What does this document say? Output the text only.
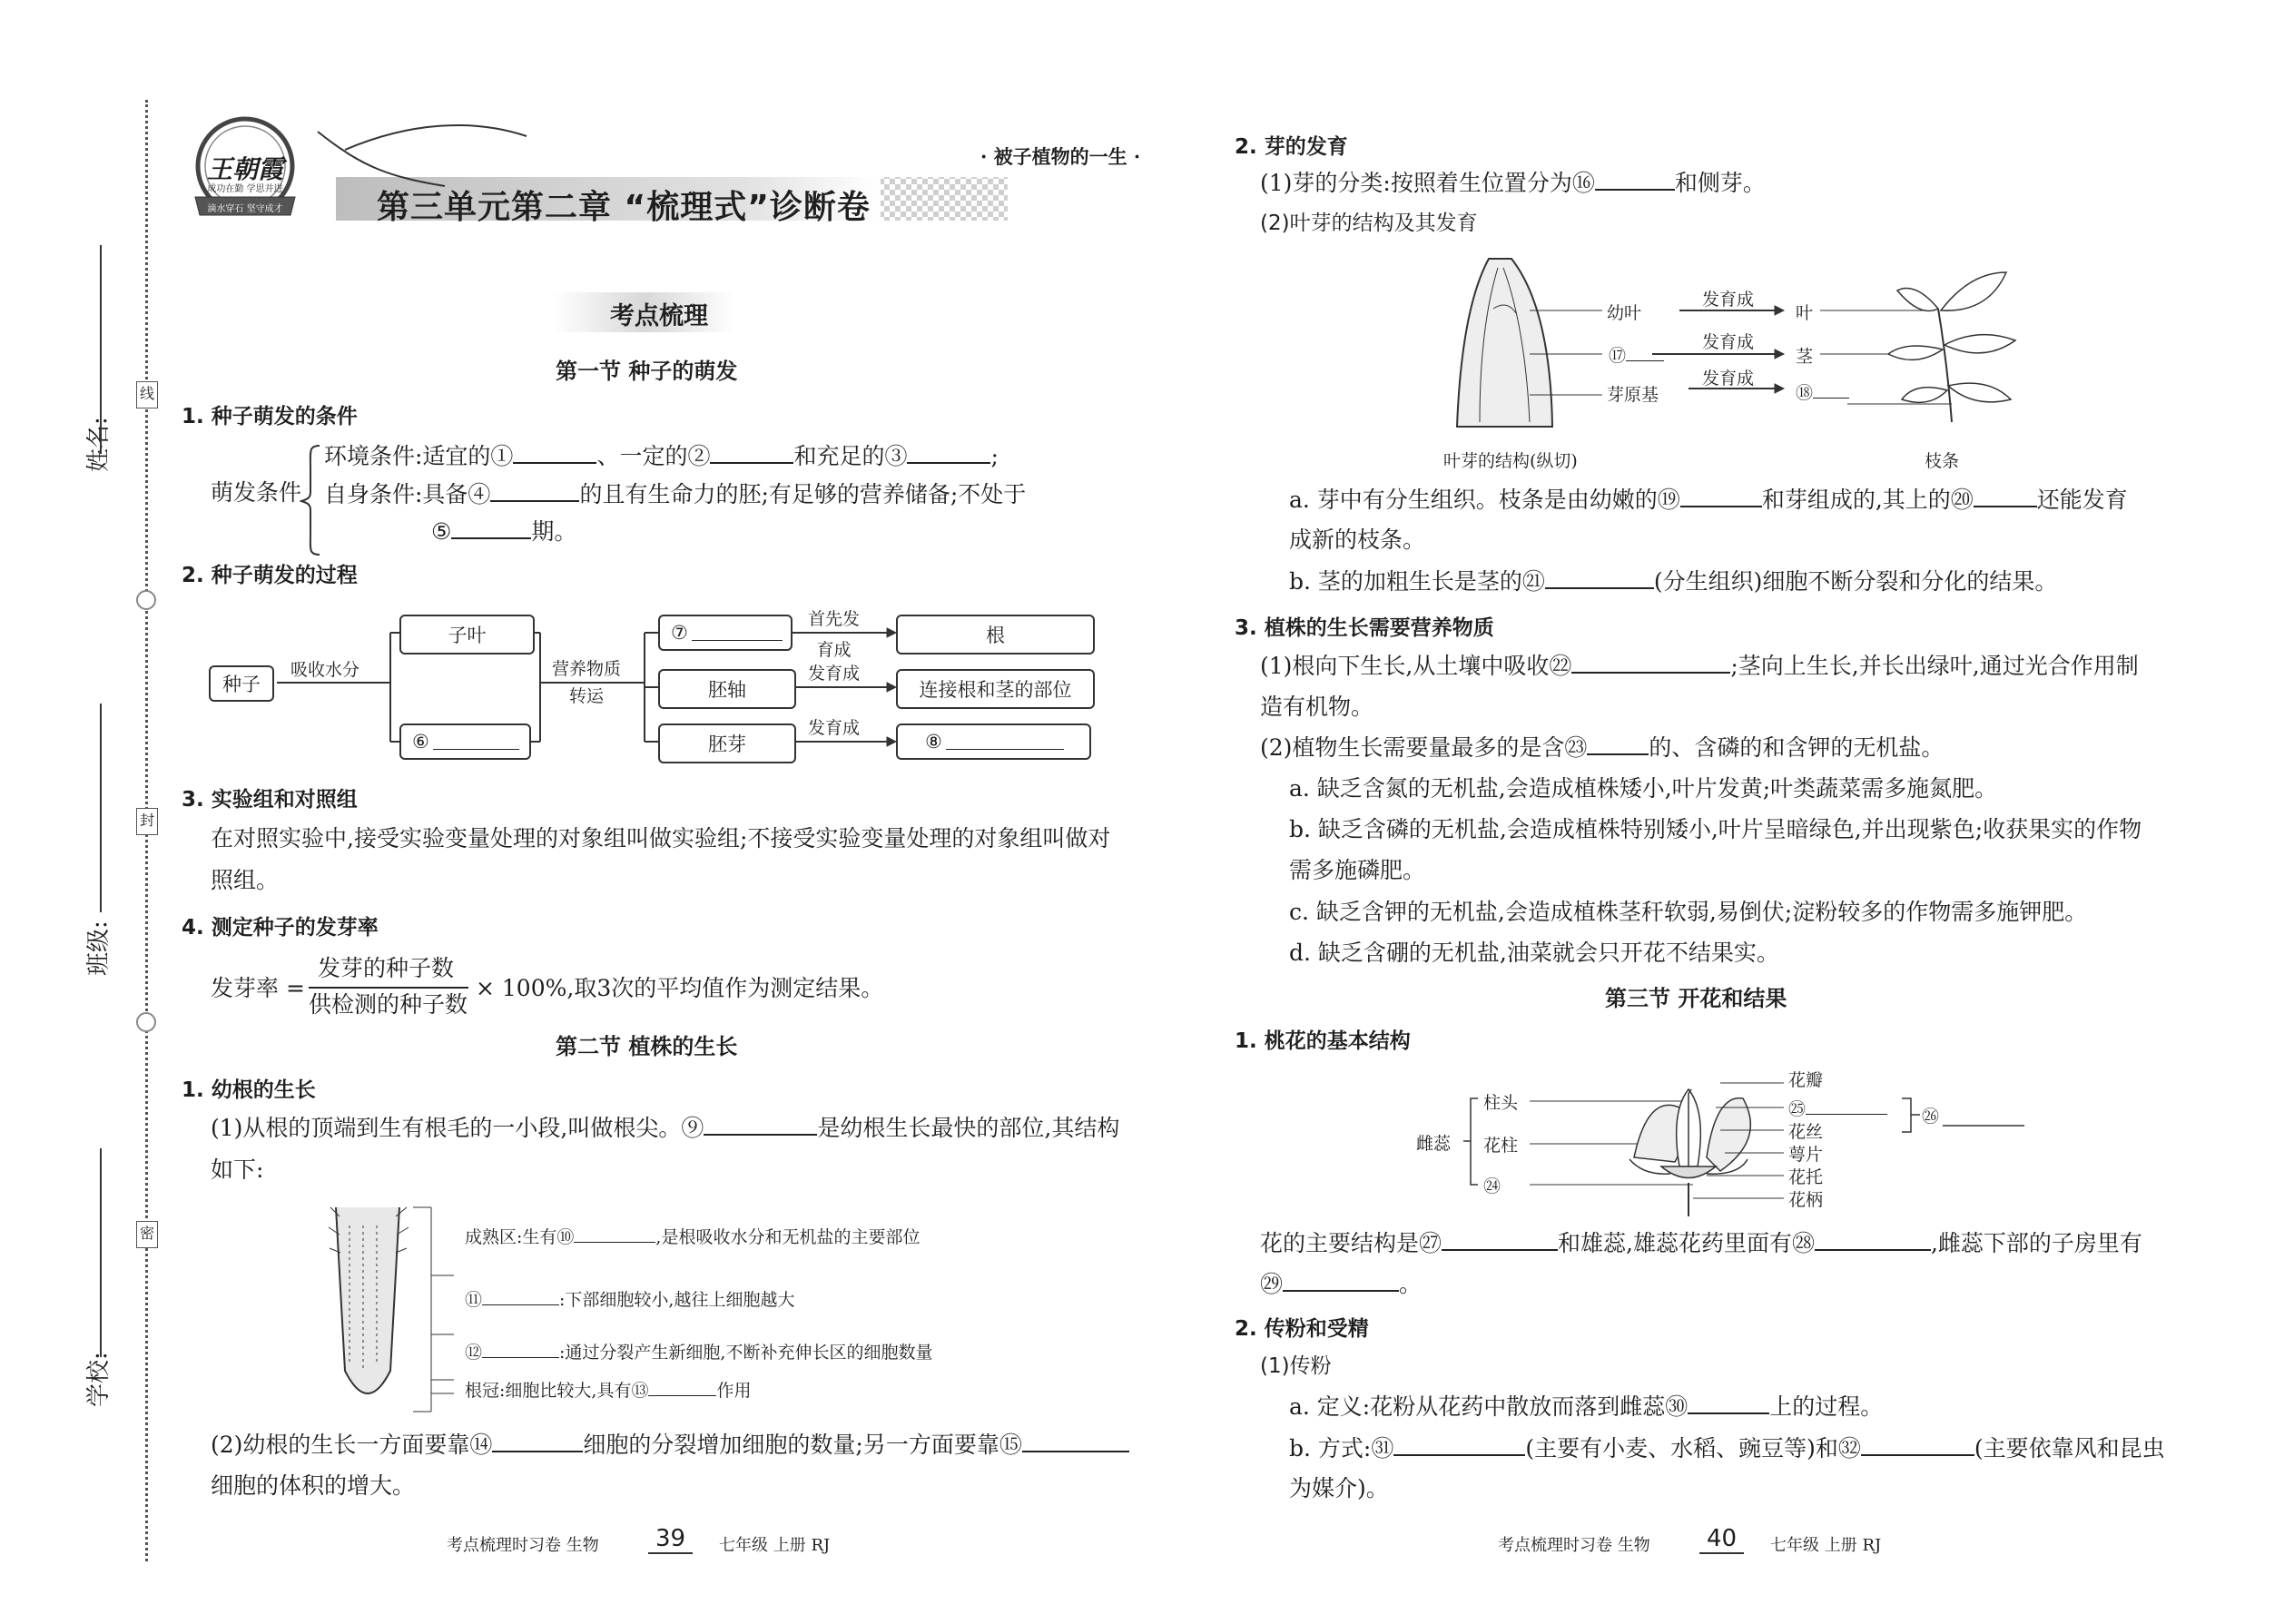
姓名:
班级:
学校:
线
封
密
王朝霞
成功在勤 学思并进
滴水穿石 坚守成才	第三单元第二章 “梳理式”诊断卷
· 被子植物的一生 ·
考点梳理
第一节 种子的萌发
1. 种子萌发的条件
萌发条件
环境条件:适宜的①	、一定的②	和充足的③	;
自身条件:具备④	的且有生命力的胚;有足够的营养储备;不处于
⑤	期。
2. 种子萌发的过程
种子
吸收水分
子叶
⑥
营养物质
转运
⑦
胚轴
胚芽
首先发
育成
发育成
发育成
根
连接根和茎的部位
⑧
3. 实验组和对照组
在对照实验中,接受实验变量处理的对象组叫做实验组;不接受实验变量处理的对象组叫做对
照组。
4. 测定种子的发芽率
发芽率 =
发芽的种子数
供检测的种子数
× 100%,取3次的平均值作为测定结果。
第二节 植株的生长
1. 幼根的生长
(1)从根的顶端到生有根毛的一小段,叫做根尖。⑨	是幼根生长最快的部位,其结构
如下:
成熟区:生有⑩	,是根吸收水分和无机盐的主要部位
⑪	:下部细胞较小,越往上细胞越大
⑫	:通过分裂产生新细胞,不断补充伸长区的细胞数量
根冠:细胞比较大,具有⑬	作用
(2)幼根的生长一方面要靠⑭	细胞的分裂增加细胞的数量;另一方面要靠⑮
细胞的体积的增大。
考点梳理时习卷 生物	39	七年级 上册 RJ
2. 芽的发育
(1)芽的分类:按照着生位置分为⑯	和侧芽。
(2)叶芽的结构及其发育
幼叶
⑰
芽原基
发育成
发育成
发育成
叶
茎
⑱
叶芽的结构(纵切)	枝条
a. 芽中有分生组织。枝条是由幼嫩的⑲	和芽组成的,其上的⑳	还能发育
成新的枝条。
b. 茎的加粗生长是茎的㉑	(分生组织)细胞不断分裂和分化的结果。
3. 植株的生长需要营养物质
(1)根向下生长,从土壤中吸收㉒	;茎向上生长,并长出绿叶,通过光合作用制
造有机物。
(2)植物生长需要量最多的是含㉓	的、含磷的和含钾的无机盐。
a. 缺乏含氮的无机盐,会造成植株矮小,叶片发黄;叶类蔬菜需多施氮肥。
b. 缺乏含磷的无机盐,会造成植株特别矮小,叶片呈暗绿色,并出现紫色;收获果实的作物
需多施磷肥。
c. 缺乏含钾的无机盐,会造成植株茎秆软弱,易倒伏;淀粉较多的作物需多施钾肥。
d. 缺乏含硼的无机盐,油菜就会只开花不结果实。
第三节 开花和结果
1. 桃花的基本结构
雌蕊
柱头
花柱
㉔
花瓣
㉕
花丝
萼片
花托
花柄
㉖
花的主要结构是㉗	和雄蕊,雄蕊花药里面有㉘	,雌蕊下部的子房里有
㉙	。
2. 传粉和受精
(1)传粉
a. 定义:花粉从花药中散放而落到雌蕊㉚	上的过程。
b. 方式:㉛	(主要有小麦、水稻、豌豆等)和㉜	(主要依靠风和昆虫
为媒介)。
考点梳理时习卷 生物	40	七年级 上册 RJ
